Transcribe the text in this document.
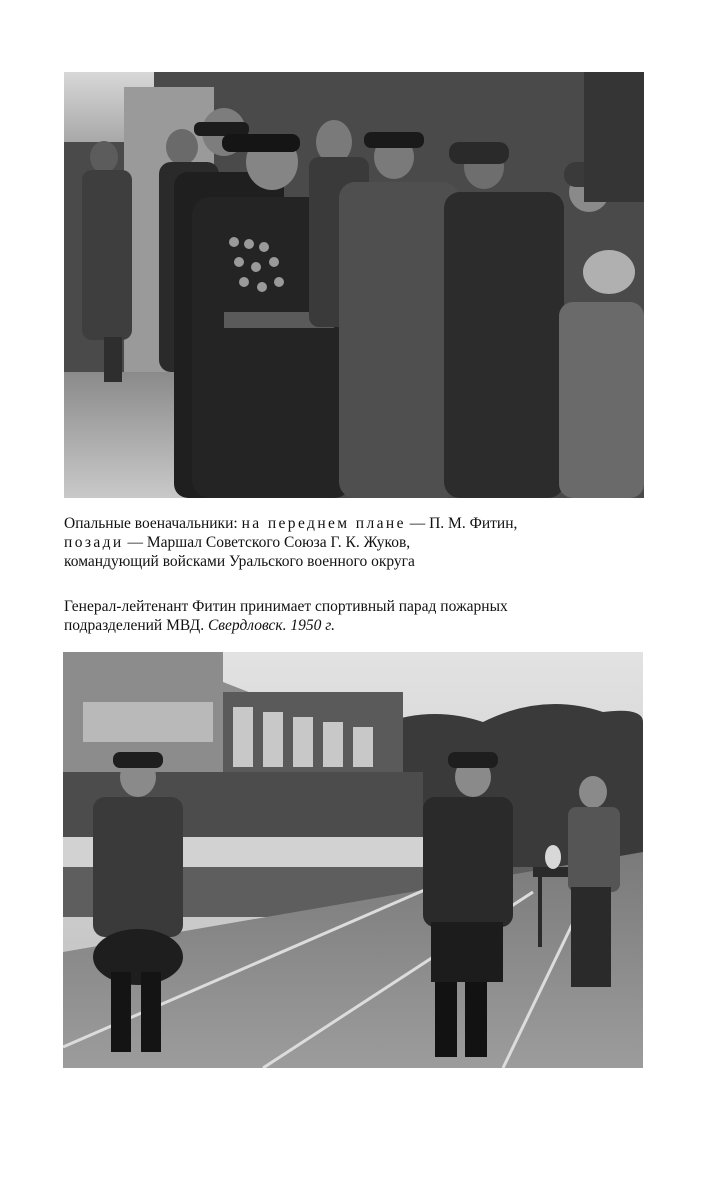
Опальные военачальники: на переднем плане — П. М. Фитин,
позади — Маршал Советского Союза Г. К. Жуков,
командующий войсками Уральского военного округа
Генерал-лейтенант Фитин принимает спортивный парад пожарных
подразделений МВД. Свердловск. 1950 г.
